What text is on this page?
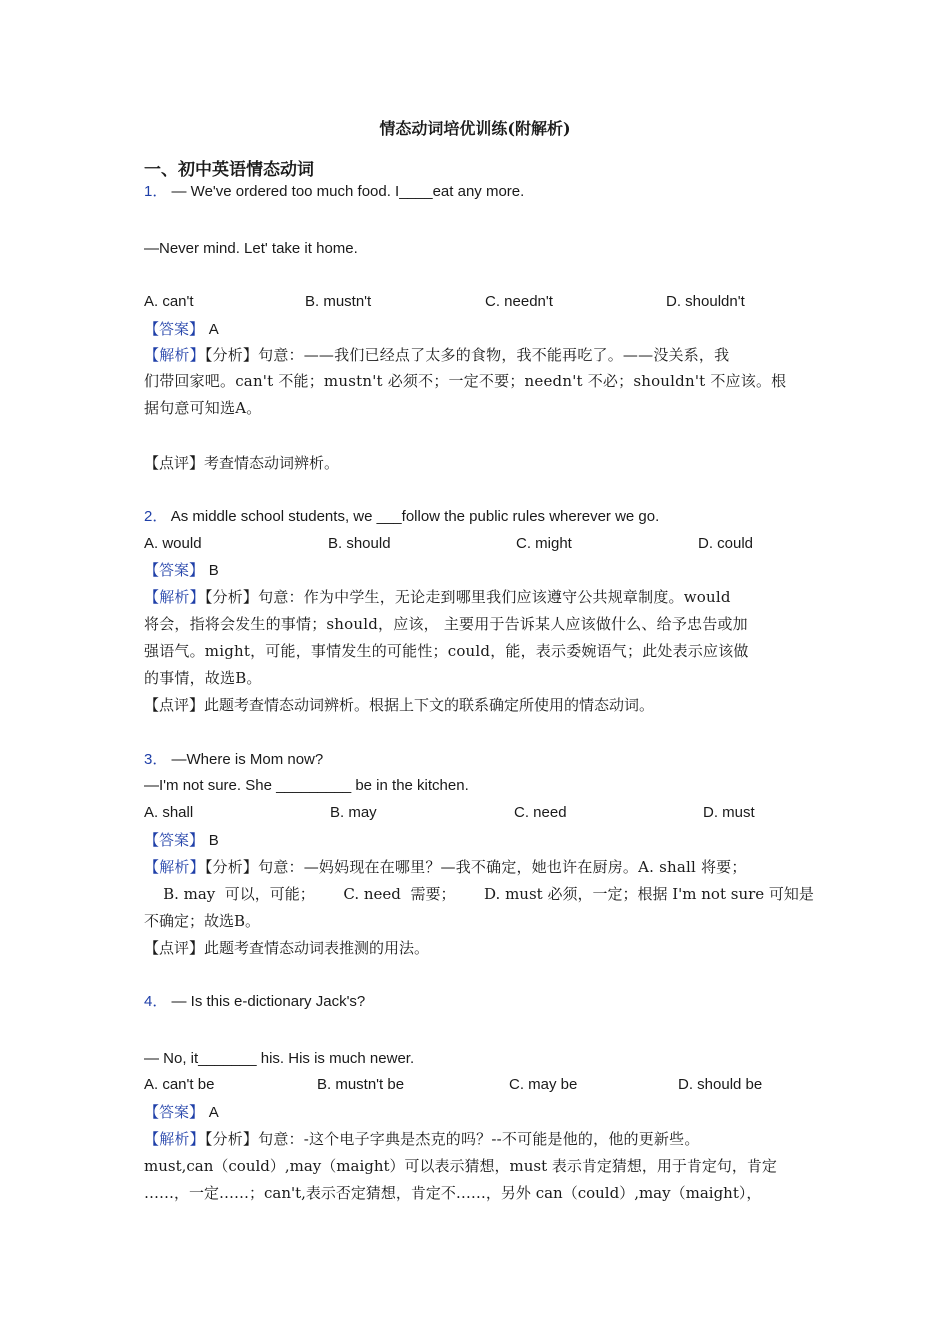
情态动词培优训练(附解析)
一、初中英语情态动词
1． — We've ordered too much food. I____eat any more.
—Never mind. Let' take it home.
A. can't	B. mustn't	C. needn't	D. shouldn't
【答案】 A
【解析】【分析】句意：——我们已经点了太多的食物，我不能再吃了。——没关系，我
们带回家吧。can't 不能；mustn't 必须不；一定不要；needn't 不必；shouldn't 不应该。根
据句意可知选A。
【点评】考查情态动词辨析。
2． As middle school students, we ___follow the public rules wherever we go.
A. would	B. should	C. might	D. could
【答案】 B
【解析】【分析】句意：作为中学生，无论走到哪里我们应该遵守公共规章制度。would
将会，指将会发生的事情；should，应该， 主要用于告诉某人应该做什么、给予忠告或加
强语气。might，可能，事情发生的可能性；could，能，表示委婉语气；此处表示应该做
的事情，故选B。
【点评】此题考查情态动词辨析。根据上下文的联系确定所使用的情态动词。
3． —Where is Mom now?
—I'm not sure. She _________ be in the kitchen.
A. shall	B. may	C. need	D. must
【答案】 B
【解析】【分析】句意：—妈妈现在在哪里？—我不确定，她也许在厨房。A. shall 将要；
B. may  可以，可能；      C. need  需要；      D. must 必须，一定；根据 I'm not sure 可知是
不确定；故选B。
【点评】此题考查情态动词表推测的用法。
4． — Is this e-dictionary Jack's?
— No, it_______ his. His is much newer.
A. can't be	B. mustn't be	C. may be	D. should be
【答案】 A
【解析】【分析】句意：-这个电子字典是杰克的吗？--不可能是他的，他的更新些。
must,can（could）,may（maight）可以表示猜想，must 表示肯定猜想，用于肯定句，肯定
……，一定……；can't,表示否定猜想，肯定不……，另外 can（could）,may（maight），
